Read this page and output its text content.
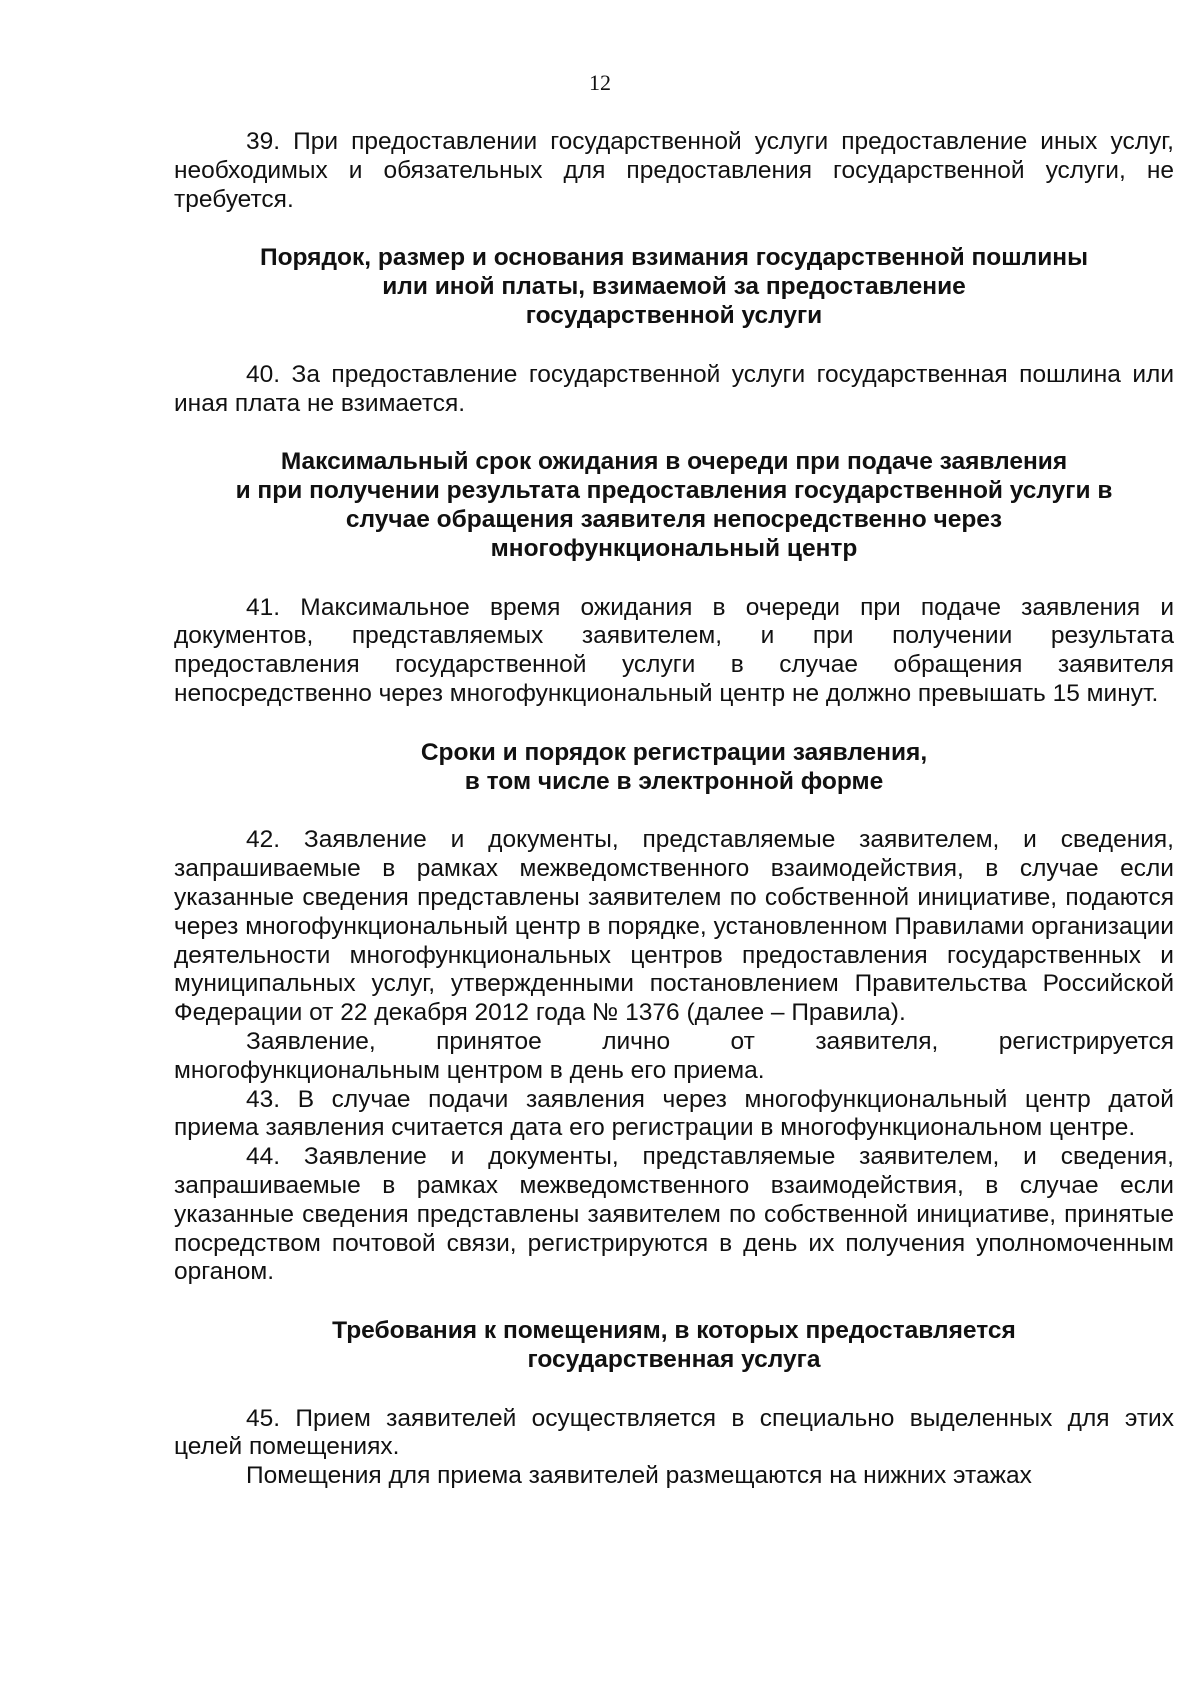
12

39. При предоставлении государственной услуги предоставление иных услуг, необходимых и обязательных для предоставления государственной услуги, не требуется.

Порядок, размер и основания взимания государственной пошлины
или иной платы, взимаемой за предоставление
государственной услуги

40. За предоставление государственной услуги государственная пошлина или иная плата не взимается.

Максимальный срок ожидания в очереди при подаче заявления
и при получении результата предоставления государственной услуги в
случае обращения заявителя непосредственно через
многофункциональный центр

41. Максимальное время ожидания в очереди при подаче заявления и документов, представляемых заявителем, и при получении результата предоставления государственной услуги в случае обращения заявителя непосредственно через многофункциональный центр не должно превышать 15 минут.

Сроки и порядок регистрации заявления,
в том числе в электронной форме

42. Заявление и документы, представляемые заявителем, и сведения, запрашиваемые в рамках межведомственного взаимодействия, в случае если указанные сведения представлены заявителем по собственной инициативе, подаются через многофункциональный центр в порядке, установленном Правилами организации деятельности многофункциональных центров предоставления государственных и муниципальных услуг, утвержденными постановлением Правительства Российской Федерации от 22 декабря 2012 года № 1376 (далее – Правила).

Заявление, принятое лично от заявителя, регистрируется многофункциональным центром в день его приема.

43. В случае подачи заявления через многофункциональный центр датой приема заявления считается дата его регистрации в многофункциональном центре.

44. Заявление и документы, представляемые заявителем, и сведения, запрашиваемые в рамках межведомственного взаимодействия, в случае если указанные сведения представлены заявителем по собственной инициативе, принятые посредством почтовой связи, регистрируются в день их получения уполномоченным органом.

Требования к помещениям, в которых предоставляется
государственная услуга

45. Прием заявителей осуществляется в специально выделенных для этих целей помещениях.

Помещения для приема заявителей размещаются на нижних этажах
